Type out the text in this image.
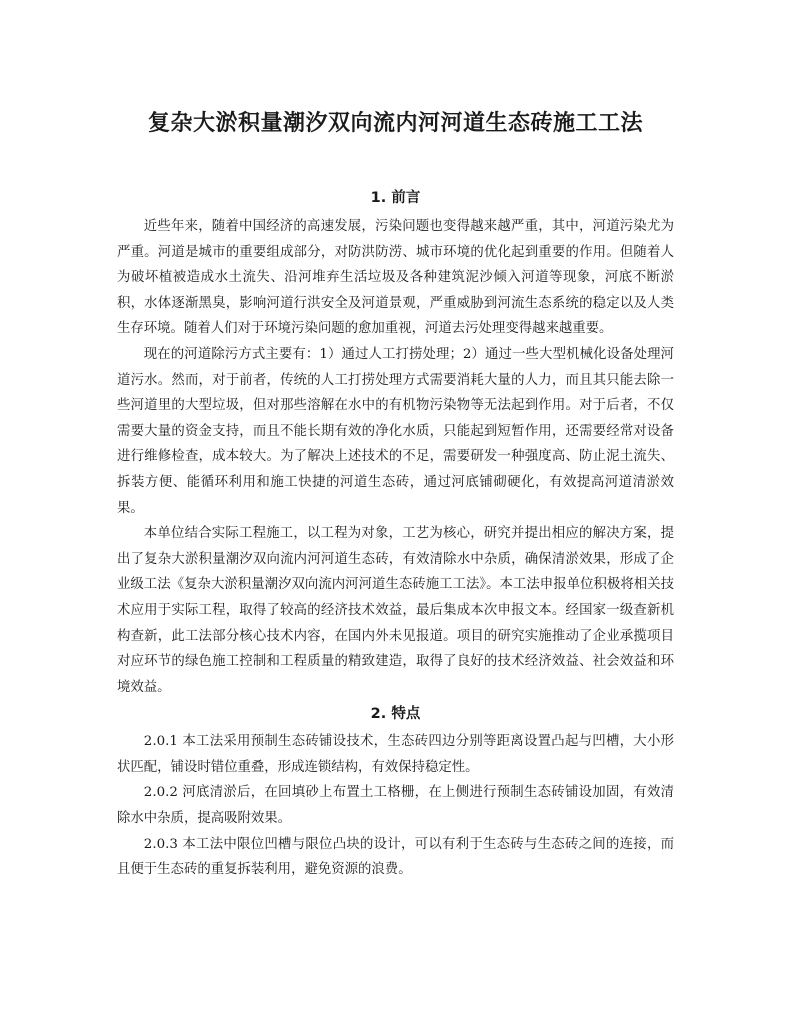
复杂大淤积量潮汐双向流内河河道生态砖施工工法
1. 前言

近些年来，随着中国经济的高速发展，污染问题也变得越来越严重，其中，河道污染尤为严重。河道是城市的重要组成部分，对防洪防涝、城市环境的优化起到重要的作用。但随着人为破坏植被造成水土流失、沿河堆弃生活垃圾及各种建筑泥沙倾入河道等现象，河底不断淤积，水体逐渐黑臭，影响河道行洪安全及河道景观，严重威胁到河流生态系统的稳定以及人类生存环境。随着人们对于环境污染问题的愈加重视，河道去污处理变得越来越重要。

现在的河道除污方式主要有：1）通过人工打捞处理；2）通过一些大型机械化设备处理河道污水。然而，对于前者，传统的人工打捞处理方式需要消耗大量的人力，而且其只能去除一些河道里的大型垃圾，但对那些溶解在水中的有机物污染物等无法起到作用。对于后者，不仅需要大量的资金支持，而且不能长期有效的净化水质，只能起到短暂作用，还需要经常对设备进行维修检查，成本较大。为了解决上述技术的不足，需要研发一种强度高、防止泥土流失、拆装方便、能循环利用和施工快捷的河道生态砖，通过河底铺砌硬化，有效提高河道清淤效果。

本单位结合实际工程施工，以工程为对象，工艺为核心，研究并提出相应的解决方案，提出了复杂大淤积量潮汐双向流内河河道生态砖，有效清除水中杂质，确保清淤效果，形成了企业级工法《复杂大淤积量潮汐双向流内河河道生态砖施工工法》。本工法申报单位积极将相关技术应用于实际工程，取得了较高的经济技术效益，最后集成本次申报文本。经国家一级查新机构查新，此工法部分核心技术内容，在国内外未见报道。项目的研究实施推动了企业承揽项目对应环节的绿色施工控制和工程质量的精致建造，取得了良好的技术经济效益、社会效益和环境效益。

2. 特点

2.0.1 本工法采用预制生态砖铺设技术，生态砖四边分别等距离设置凸起与凹槽，大小形状匹配，铺设时错位重叠，形成连锁结构，有效保持稳定性。

2.0.2 河底清淤后，在回填砂上布置土工格栅，在上侧进行预制生态砖铺设加固，有效清除水中杂质，提高吸附效果。

2.0.3 本工法中限位凹槽与限位凸块的设计，可以有利于生态砖与生态砖之间的连接，而且便于生态砖的重复拆装利用，避免资源的浪费。
